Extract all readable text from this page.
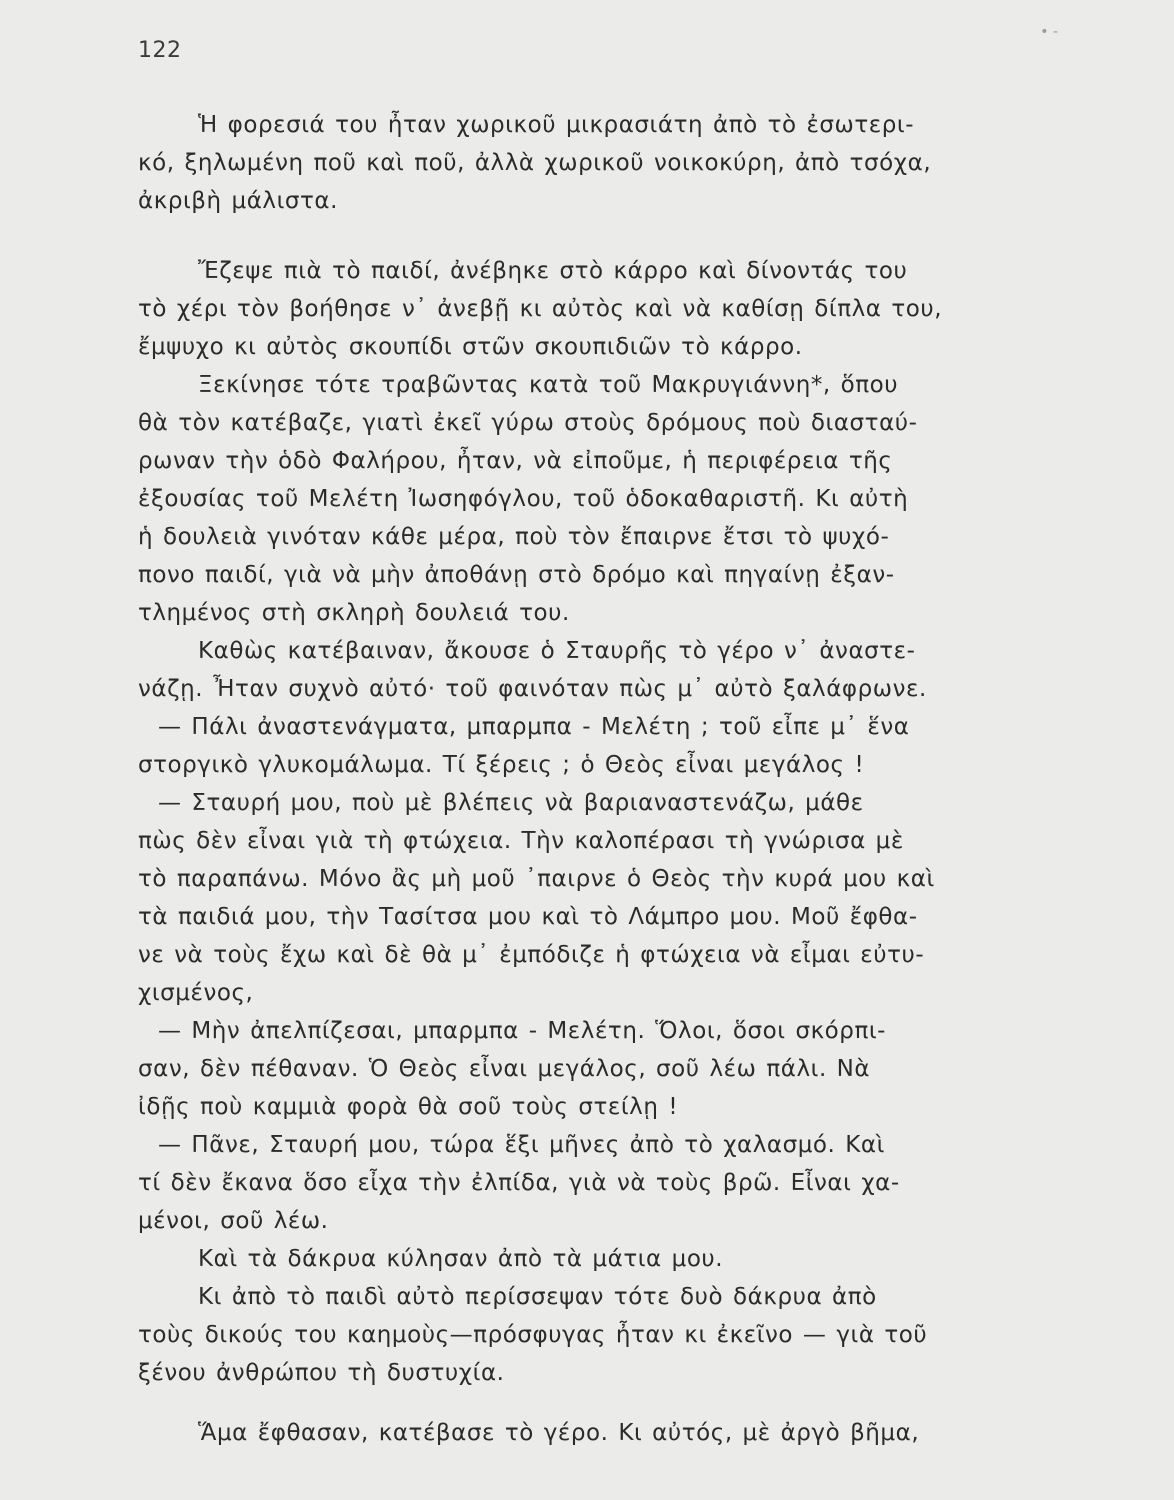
122
• -
Ἡ φορεσιά του ἦταν χωρικοῦ μικρασιάτη ἀπὸ τὸ ἐσωτερι-
κό, ξηλωμένη ποῦ καὶ ποῦ, ἀλλὰ χωρικοῦ νοικοκύρη, ἀπὸ τσόχα,
ἀκριβὴ μάλιστα.
Ἔζεψε πιὰ τὸ παιδί, ἀνέβηκε στὸ κάρρο καὶ δίνοντάς του
τὸ χέρι τὸν βοήθησε ν᾽ ἀνεβῇ κι αὐτὸς καὶ νὰ καθίσῃ δίπλα του,
ἔμψυχο κι αὐτὸς σκουπίδι στῶν σκουπιδιῶν τὸ κάρρο.
Ξεκίνησε τότε τραβῶντας κατὰ τοῦ Μακρυγιάννη*, ὅπου
θὰ τὸν κατέβαζε, γιατὶ ἐκεῖ γύρω στοὺς δρόμους ποὺ διασταύ-
ρωναν τὴν ὁδὸ Φαλήρου, ἦταν, νὰ εἰποῦμε, ἡ περιφέρεια τῆς
ἐξουσίας τοῦ Μελέτη Ἰωσηφόγλου, τοῦ ὁδοκαθαριστῆ. Κι αὐτὴ
ἡ δουλειὰ γινόταν κάθε μέρα, ποὺ τὸν ἔπαιρνε ἔτσι τὸ ψυχό-
πονο παιδί, γιὰ νὰ μὴν ἀποθάνῃ στὸ δρόμο καὶ πηγαίνῃ ἐξαν-
τλημένος στὴ σκληρὴ δουλειά του.
Καθὼς κατέβαιναν, ἄκουσε ὁ Σταυρῆς τὸ γέρο ν᾽ ἀναστε-
νάζῃ. Ἦταν συχνὸ αὐτό· τοῦ φαινόταν πὼς μ᾽ αὐτὸ ξαλάφρωνε.
— Πάλι ἀναστενάγματα, μπαρμπα - Μελέτη ; τοῦ εἶπε μ᾽ ἕνα
στοργικὸ γλυκομάλωμα. Τί ξέρεις ; ὁ Θεὸς εἶναι μεγάλος !
— Σταυρή μου, ποὺ μὲ βλέπεις νὰ βαριαναστενάζω, μάθε
πὼς δὲν εἶναι γιὰ τὴ φτώχεια. Τὴν καλοπέρασι τὴ γνώρισα μὲ
τὸ παραπάνω. Μόνο ἂς μὴ μοῦ ᾽παιρνε ὁ Θεὸς τὴν κυρά μου καὶ
τὰ παιδιά μου, τὴν Τασίτσα μου καὶ τὸ Λάμπρο μου. Μοῦ ἔφθα-
νε νὰ τοὺς ἔχω καὶ δὲ θὰ μ᾽ ἐμπόδιζε ἡ φτώχεια νὰ εἶμαι εὐτυ-
χισμένος,
— Μὴν ἀπελπίζεσαι, μπαρμπα - Μελέτη. Ὅλοι, ὅσοι σκόρπι-
σαν, δὲν πέθαναν. Ὁ Θεὸς εἶναι μεγάλος, σοῦ λέω πάλι. Νὰ
ἰδῇς ποὺ καμμιὰ φορὰ θὰ σοῦ τοὺς στείλῃ !
— Πᾶνε, Σταυρή μου, τώρα ἕξι μῆνες ἀπὸ τὸ χαλασμό. Καὶ
τί δὲν ἔκανα ὅσο εἶχα τὴν ἐλπίδα, γιὰ νὰ τοὺς βρῶ. Εἶναι χα-
μένοι, σοῦ λέω.
Καὶ τὰ δάκρυα κύλησαν ἀπὸ τὰ μάτια μου.
Κι ἀπὸ τὸ παιδὶ αὐτὸ περίσσεψαν τότε δυὸ δάκρυα ἀπὸ
τοὺς δικούς του καημοὺς—πρόσφυγας ἦταν κι ἐκεῖνο — γιὰ τοῦ
ξένου ἀνθρώπου τὴ δυστυχία.
Ἅμα ἔφθασαν, κατέβασε τὸ γέρο. Κι αὐτός, μὲ ἀργὸ βῆμα,
